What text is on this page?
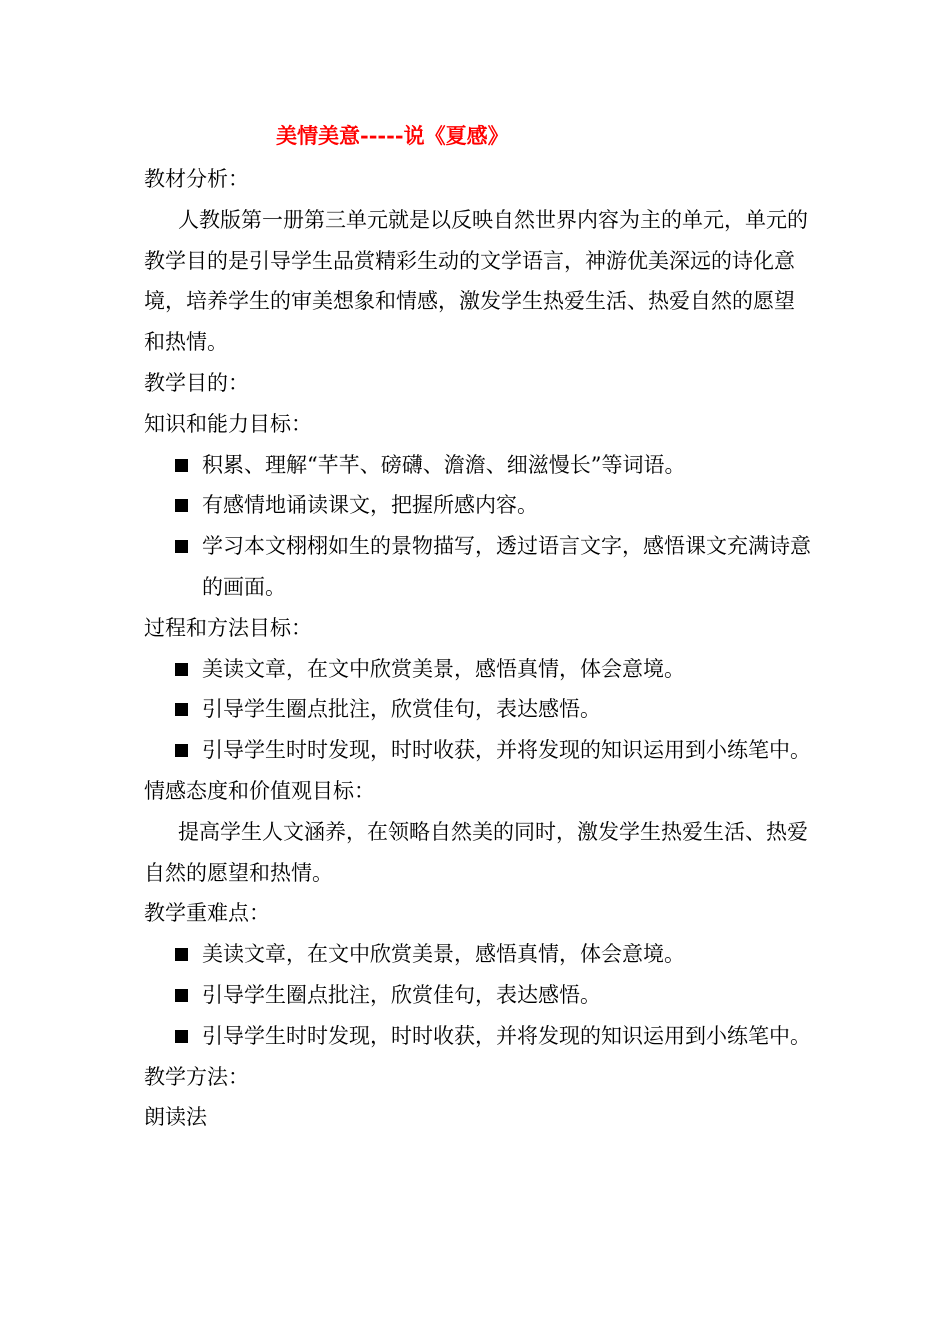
美情美意-----说《夏感》

教材分析：

人教版第一册第三单元就是以反映自然世界内容为主的单元，单元的教学目的是引导学生品赏精彩生动的文学语言，神游优美深远的诗化意境，培养学生的审美想象和情感，激发学生热爱生活、热爱自然的愿望和热情。

教学目的：

知识和能力目标：

积累、理解“芊芊、磅礴、澹澹、细滋慢长”等词语。
有感情地诵读课文，把握所感内容。
学习本文栩栩如生的景物描写，透过语言文字，感悟课文充满诗意的画面。

过程和方法目标：

美读文章，在文中欣赏美景，感悟真情，体会意境。
引导学生圈点批注，欣赏佳句，表达感悟。
引导学生时时发现，时时收获，并将发现的知识运用到小练笔中。

情感态度和价值观目标：

提高学生人文涵养，在领略自然美的同时，激发学生热爱生活、热爱自然的愿望和热情。

教学重难点：

美读文章，在文中欣赏美景，感悟真情，体会意境。
引导学生圈点批注，欣赏佳句，表达感悟。
引导学生时时发现，时时收获，并将发现的知识运用到小练笔中。

教学方法：

朗读法
